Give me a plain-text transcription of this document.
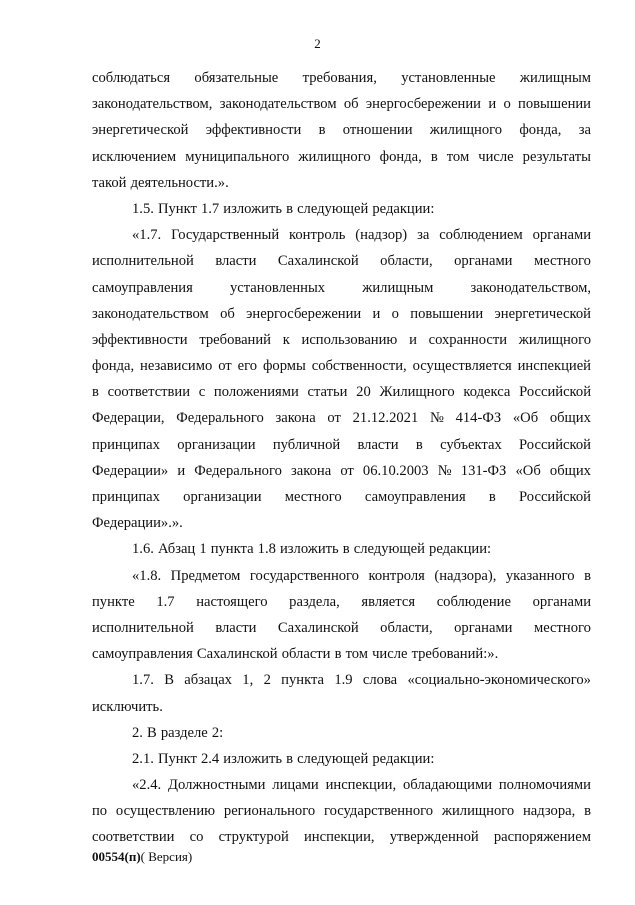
2
соблюдаться обязательные требования, установленные жилищным
законодательством, законодательством об энергосбережении и о повышении
энергетической эффективности в отношении жилищного фонда, за
исключением муниципального жилищного фонда, в том числе результаты
такой деятельности.».
1.5. Пункт 1.7 изложить в следующей редакции:
«1.7. Государственный контроль (надзор) за соблюдением органами
исполнительной власти Сахалинской области, органами местного
самоуправления	установленных	жилищным	законодательством,
законодательством об энергосбережении и о повышении энергетической
эффективности требований к использованию и сохранности жилищного
фонда, независимо от его формы собственности, осуществляется инспекцией
в соответствии с положениями статьи 20 Жилищного кодекса Российской
Федерации, Федерального закона от 21.12.2021 № 414-ФЗ «Об общих
принципах организации публичной власти в субъектах Российской
Федерации» и Федерального закона от 06.10.2003 № 131-ФЗ «Об общих
принципах организации местного самоуправления в Российской
Федерации».».
1.6. Абзац 1 пункта 1.8 изложить в следующей редакции:
«1.8. Предметом государственного контроля (надзора), указанного в
пункте 1.7 настоящего раздела, является соблюдение органами
исполнительной власти Сахалинской области, органами местного
самоуправления Сахалинской области в том числе требований:».
1.7. В абзацах 1, 2 пункта 1.9 слова «социально-экономического»
исключить.
2. В разделе 2:
2.1. Пункт 2.4 изложить в следующей редакции:
«2.4. Должностными лицами инспекции, обладающими полномочиями
по осуществлению регионального государственного жилищного надзора, в
соответствии со структурой инспекции, утвержденной распоряжением
00554(п)( Версия)
